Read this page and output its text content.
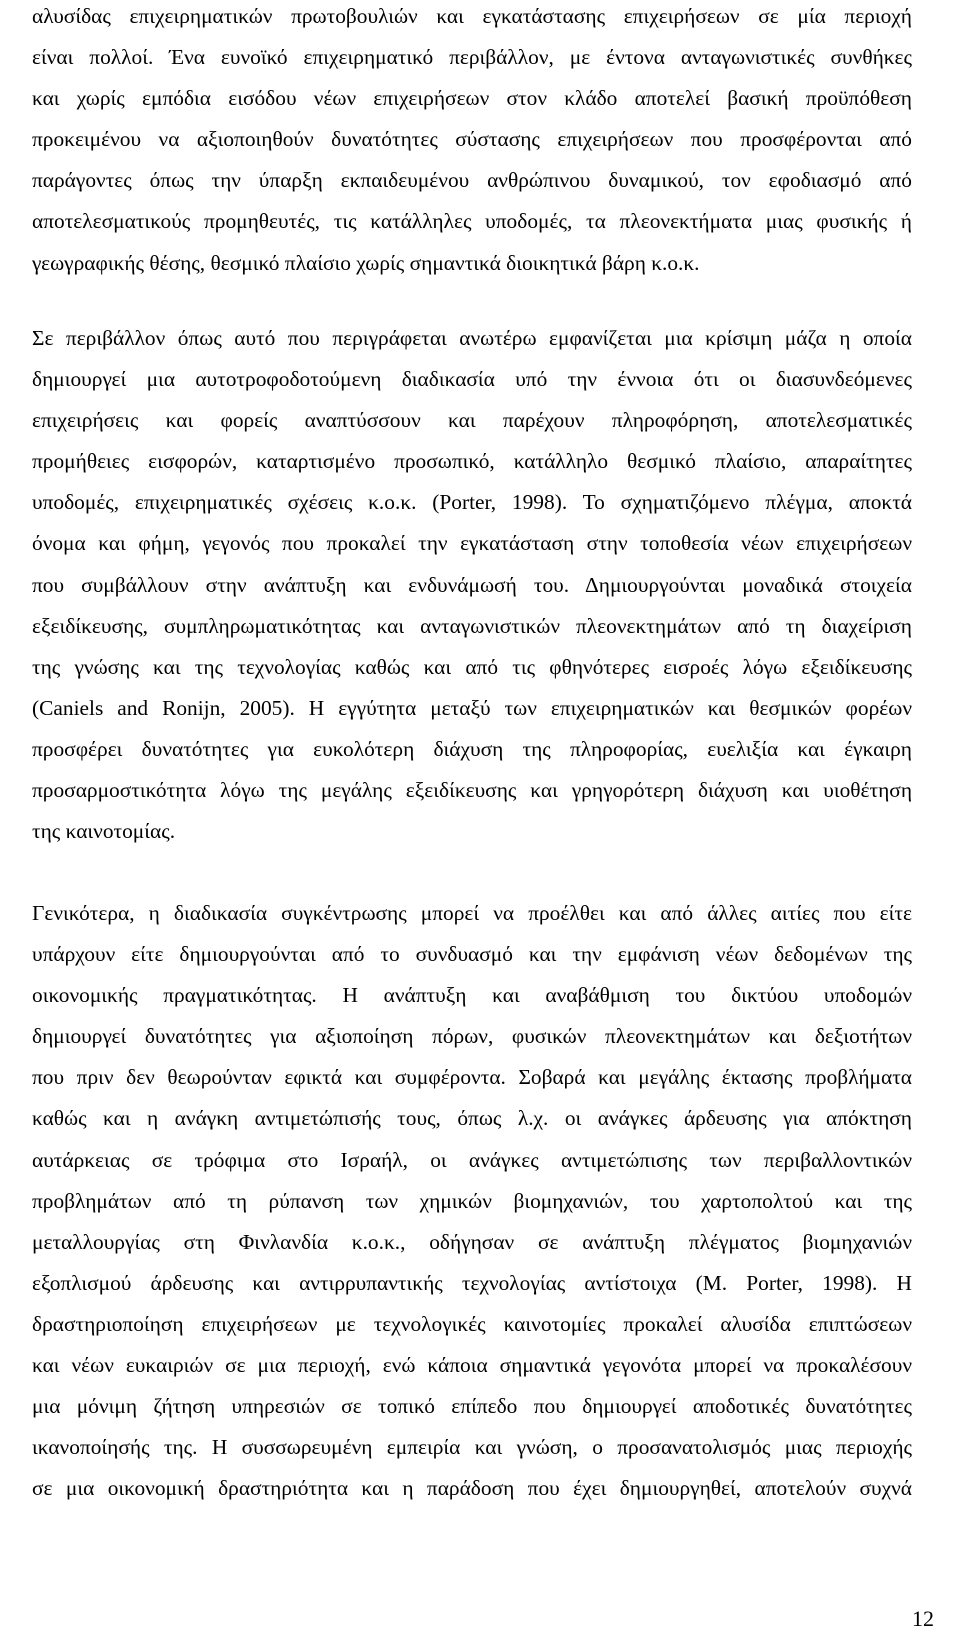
αλυσίδας επιχειρηματικών πρωτοβουλιών και εγκατάστασης επιχειρήσεων σε μία περιοχή
είναι πολλοί. Ένα ευνοϊκό επιχειρηματικό περιβάλλον, με έντονα ανταγωνιστικές συνθήκες
και χωρίς εμπόδια εισόδου νέων επιχειρήσεων στον κλάδο αποτελεί βασική προϋπόθεση
προκειμένου να αξιοποιηθούν δυνατότητες σύστασης επιχειρήσεων που προσφέρονται από
παράγοντες όπως την ύπαρξη εκπαιδευμένου ανθρώπινου δυναμικού, τον εφοδιασμό από
αποτελεσματικούς προμηθευτές, τις κατάλληλες υποδομές, τα πλεονεκτήματα μιας φυσικής ή
γεωγραφικής θέσης, θεσμικό πλαίσιο χωρίς σημαντικά διοικητικά βάρη κ.ο.κ.
Σε περιβάλλον όπως αυτό που περιγράφεται ανωτέρω εμφανίζεται μια κρίσιμη μάζα η οποία
δημιουργεί μια αυτοτροφοδοτούμενη διαδικασία υπό την έννοια ότι οι διασυνδεόμενες
επιχειρήσεις και φορείς αναπτύσσουν και παρέχουν πληροφόρηση, αποτελεσματικές
προμήθειες εισφορών, καταρτισμένο προσωπικό, κατάλληλο θεσμικό πλαίσιο, απαραίτητες
υποδομές, επιχειρηματικές σχέσεις κ.ο.κ. (Porter, 1998). Το σχηματιζόμενο πλέγμα, αποκτά
όνομα και φήμη, γεγονός που προκαλεί την εγκατάσταση στην τοποθεσία νέων επιχειρήσεων
που συμβάλλουν στην ανάπτυξη και ενδυνάμωσή του. Δημιουργούνται μοναδικά στοιχεία
εξειδίκευσης, συμπληρωματικότητας και ανταγωνιστικών πλεονεκτημάτων από τη διαχείριση
της γνώσης και της τεχνολογίας καθώς και από τις φθηνότερες εισροές λόγω εξειδίκευσης
(Caniels and Ronijn, 2005). Η εγγύτητα μεταξύ των επιχειρηματικών και θεσμικών φορέων
προσφέρει δυνατότητες για ευκολότερη διάχυση της πληροφορίας, ευελιξία και έγκαιρη
προσαρμοστικότητα λόγω της μεγάλης εξειδίκευσης και γρηγορότερη διάχυση και υιοθέτηση
της καινοτομίας.
Γενικότερα, η διαδικασία συγκέντρωσης μπορεί να προέλθει και από άλλες αιτίες που είτε
υπάρχουν είτε δημιουργούνται από το συνδυασμό και την εμφάνιση νέων δεδομένων της
οικονομικής πραγματικότητας. Η ανάπτυξη και αναβάθμιση του δικτύου υποδομών
δημιουργεί δυνατότητες για αξιοποίηση πόρων, φυσικών πλεονεκτημάτων και δεξιοτήτων
που πριν δεν θεωρούνταν εφικτά και συμφέροντα. Σοβαρά και μεγάλης έκτασης προβλήματα
καθώς και η ανάγκη αντιμετώπισής τους, όπως λ.χ. οι ανάγκες άρδευσης για απόκτηση
αυτάρκειας σε τρόφιμα στο Ισραήλ, οι ανάγκες αντιμετώπισης των περιβαλλοντικών
προβλημάτων από τη ρύπανση των χημικών βιομηχανιών, του χαρτοπολτού και της
μεταλλουργίας στη Φινλανδία κ.ο.κ., οδήγησαν σε ανάπτυξη πλέγματος βιομηχανιών
εξοπλισμού άρδευσης και αντιρρυπαντικής τεχνολογίας αντίστοιχα (M. Porter, 1998). Η
δραστηριοποίηση επιχειρήσεων με τεχνολογικές καινοτομίες προκαλεί αλυσίδα επιπτώσεων
και νέων ευκαιριών σε μια περιοχή, ενώ κάποια σημαντικά γεγονότα μπορεί να προκαλέσουν
μια μόνιμη ζήτηση υπηρεσιών σε τοπικό επίπεδο που δημιουργεί αποδοτικές δυνατότητες
ικανοποίησής της. Η συσσωρευμένη εμπειρία και γνώση, ο προσανατολισμός μιας περιοχής
σε μια οικονομική δραστηριότητα και η παράδοση που έχει δημιουργηθεί, αποτελούν συχνά
12
